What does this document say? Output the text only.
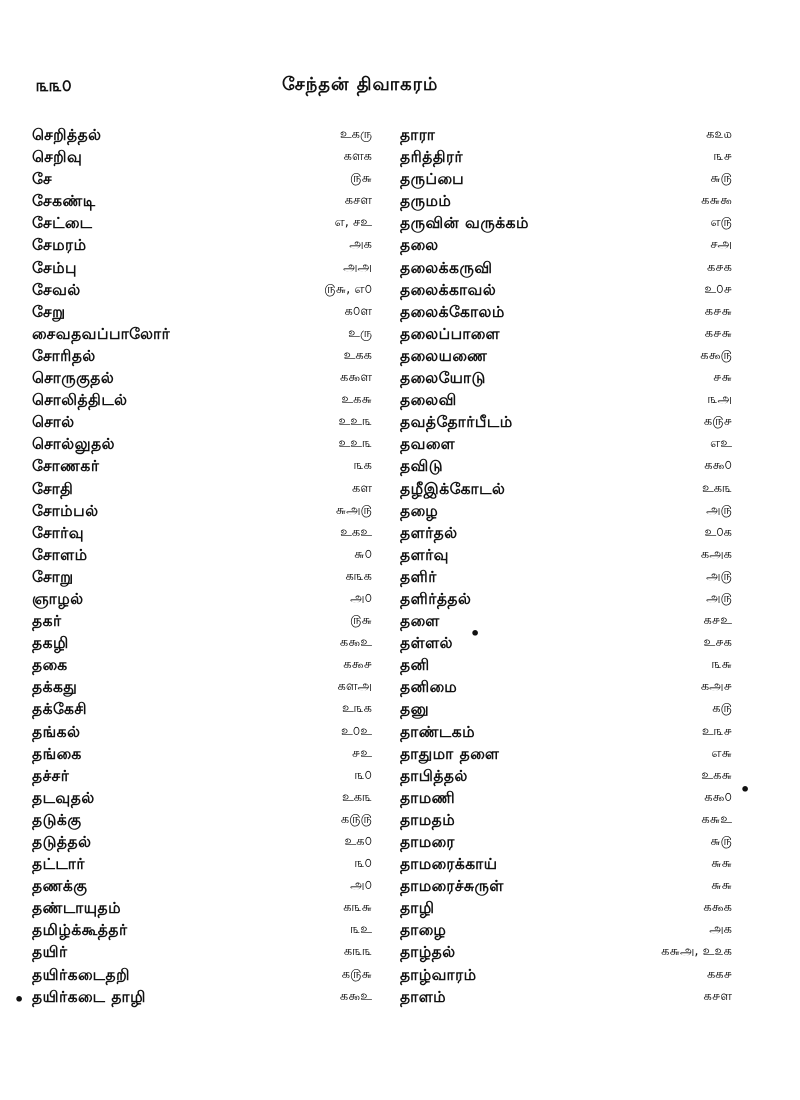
௩௩௦	சேந்தன் திவாகரம்
செறித்தல்	உகரு
செறிவு	களக
சே	௫௬
சேகண்டி	கசள
சேட்டை	எ, சஉ
சேமரம்	அக
சேம்பு	அஅ
சேவல்	௫௬, எ௦
சேறு	க௦ள
சைவதவப்பாலோர்	உரு
சோரிதல்	உகக
சொருகுதல்	க௯ள
சொலித்திடல்	உக௬
சொல்	உஉ௩
சொல்லுதல்	உஉ௩
சோணகர்	௩க
சோதி	கள
சோம்பல்	௬அ௫
சோர்வு	உகஉ
சோளம்	௬௦
சோறு	க௩க
ஞாழல்	அ௦
தகர்	௫௬
தகழி	க௯உ
தகை	க௯௪
தக்கது	களஅ
தக்கேசி	உ௩க
தங்கல்	உ௦உ
தங்கை	௪உ
தச்சர்	௩௦
தடவுதல்	உக௩
தடுக்கு	க௫௫
தடுத்தல்	உக௦
தட்டார்	௩௦
தணக்கு	அ௦
தண்டாயுதம்	க௩௬
தமிழ்க்கூத்தர்	௩உ
தயிர்	க௩௩
தயிர்கடைதறி	க௫௬
தயிர்கடை தாழி	க௯உ
தாரா	க௨௰
தரித்திரர்	௩௪
தருப்பை	௬௫
தருமம்	க௬௯
தருவின் வருக்கம்	எ௫
தலை	சஅ
தலைக்கருவி	க௪க
தலைக்காவல்	உ௦௪
தலைக்கோலம்	க௪௬
தலைப்பாளை	க௪௬
தலையணை	க௯௫
தலையோடு	௪௬
தலைவி	௩அ
தவத்தோர்பீடம்	க௫௪
தவளை	எஉ
தவிடு	க௯௦
தழீஇக்கோடல்	உக௩
தழை	அ௫
தளர்தல்	உ௦க
தளர்வு	கஅக
தளிர்	அ௫
தளிர்த்தல்	அ௫
தளை	க௪உ
தள்ளல்	உ௪க
தனி	௩௬
தனிமை	கஅ௪
தனு	க௫
தாண்டகம்	உ௩௪
தாதுமா தளை	எ௬
தாபித்தல்	உக௬
தாமணி	க௯௦
தாமதம்	க௬உ
தாமரை	௬௫
தாமரைக்காய்	௬௬
தாமரைச்சுருள்	௬௬
தாழி	க௯க
தாழை	அக
தாழ்தல்	க௬அ, உ௨க
தாழ்வாரம்	கக௪
தாளம்	க௪ள
•
•
•
